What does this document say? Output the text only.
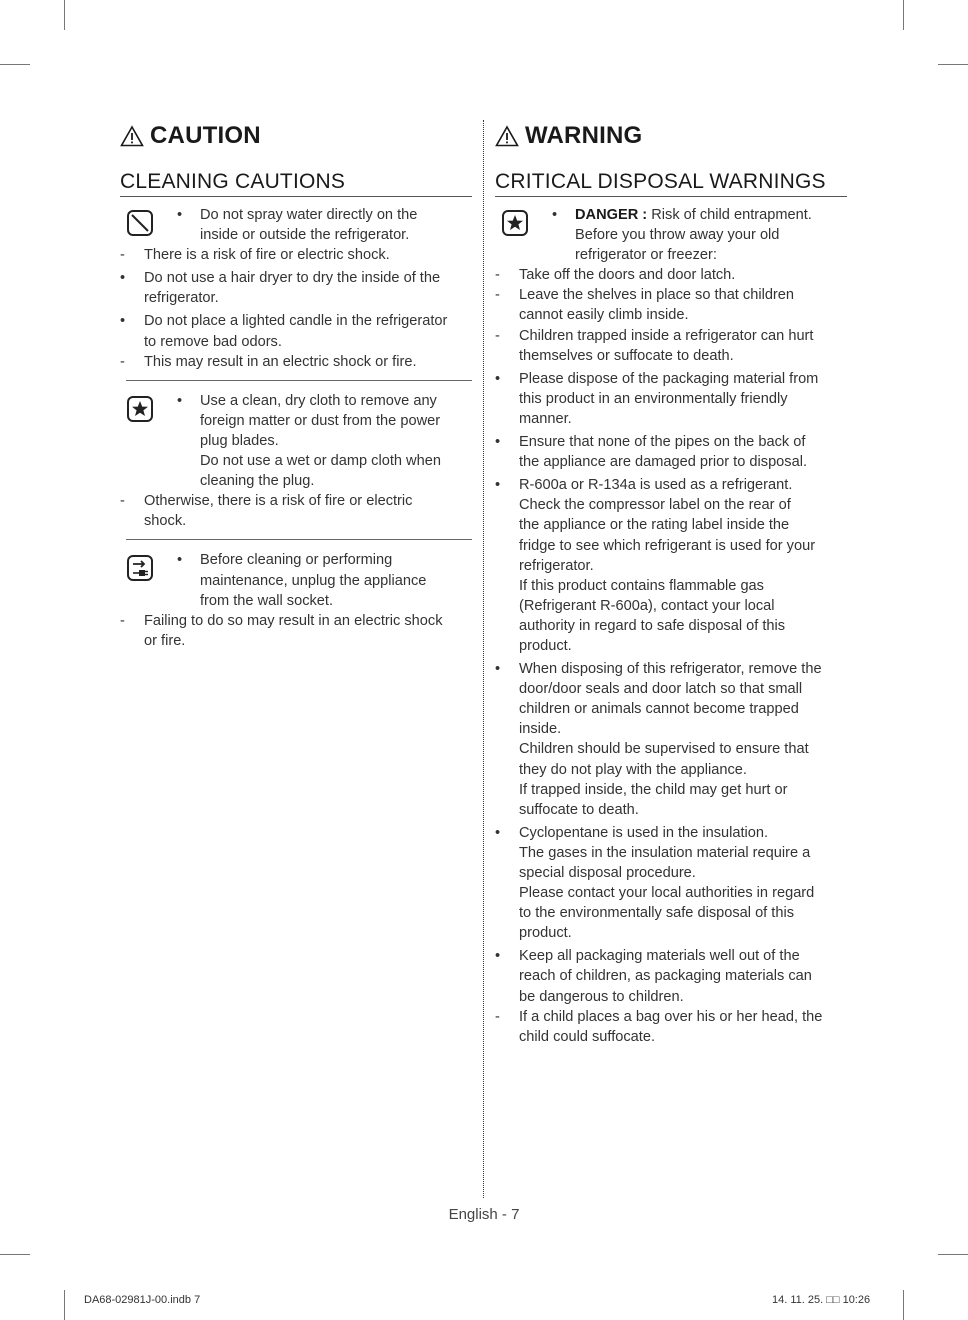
CAUTION
CLEANING CAUTIONS
• Do not spray water directly on the
inside or outside the refrigerator.
- There is a risk of fire or electric shock.
• Do not use a hair dryer to dry the inside of the
refrigerator.
• Do not place a lighted candle in the refrigerator
to remove bad odors.
- This may result in an electric shock or fire.
• Use a clean, dry cloth to remove any
foreign matter or dust from the power
plug blades.
Do not use a wet or damp cloth when
cleaning the plug.
- Otherwise, there is a risk of fire or electric
shock.
• Before cleaning or performing
maintenance, unplug the appliance
from the wall socket.
- Failing to do so may result in an electric shock
or fire.
WARNING
CRITICAL DISPOSAL WARNINGS
• DANGER : Risk of child entrapment.
Before you throw away your old
refrigerator or freezer:
- Take off the doors and door latch.
- Leave the shelves in place so that children
cannot easily climb inside.
- Children trapped inside a refrigerator can hurt
themselves or suffocate to death.
• Please dispose of the packaging material from
this product in an environmentally friendly
manner.
• Ensure that none of the pipes on the back of
the appliance are damaged prior to disposal.
• R-600a or R-134a is used as a refrigerant.
Check the compressor label on the rear of
the appliance or the rating label inside the
fridge to see which refrigerant is used for your
refrigerator.
If this product contains flammable gas
(Refrigerant R-600a), contact your local
authority in regard to safe disposal of this
product.
• When disposing of this refrigerator, remove the
door/door seals and door latch so that small
children or animals cannot become trapped
inside.
Children should be supervised to ensure that
they do not play with the appliance.
If trapped inside, the child may get hurt or
suffocate to death.
• Cyclopentane is used in the insulation.
The gases in the insulation material require a
special disposal procedure.
Please contact your local authorities in regard
to the environmentally safe disposal of this
product.
• Keep all packaging materials well out of the
reach of children, as packaging materials can
be dangerous to children.
- If a child places a bag over his or her head, the
child could suffocate.
English - 7
DA68-02981J-00.indb 7	14. 11. 25. □□ 10:26
